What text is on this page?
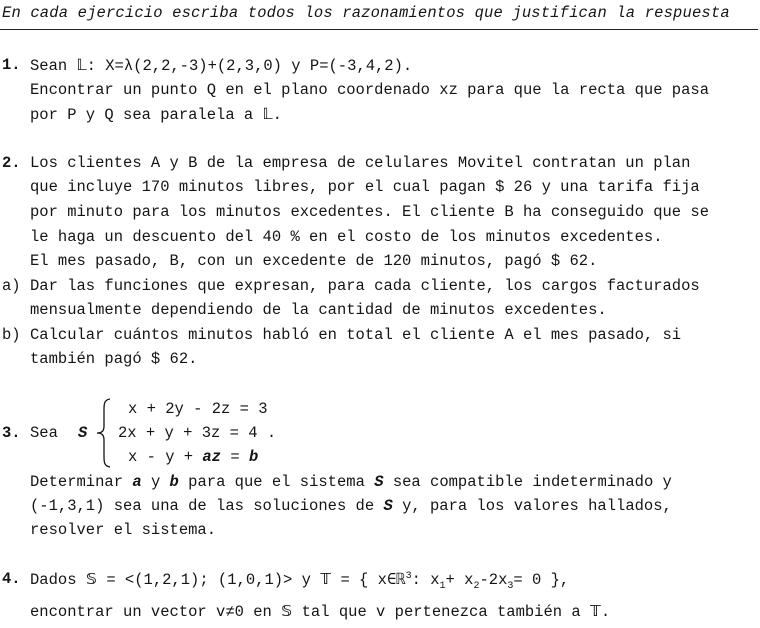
En cada ejercicio escriba todos los razonamientos que justifican la respuesta
1. Sean 𝕃: X=λ(2,2,-3)+(2,3,0) y P=(-3,4,2).
Encontrar un punto Q en el plano coordenado xz para que la recta que pasa
por P y Q sea paralela a 𝕃.
2. Los clientes A y B de la empresa de celulares Movitel contratan un plan
que incluye 170 minutos libres, por el cual pagan $ 26 y una tarifa fija
por minuto para los minutos excedentes. El cliente B ha conseguido que se
le haga un descuento del 40 % en el costo de los minutos excedentes.
El mes pasado, B, con un excedente de 120 minutos, pagó $ 62.
a) Dar las funciones que expresan, para cada cliente, los cargos facturados
mensualmente dependiendo de la cantidad de minutos excedentes.
b) Calcular cuántos minutos habló en total el cliente A el mes pasado, si
también pagó $ 62.
3. Sea S
x + 2y - 2z = 3
2x + y + 3z = 4 .
x - y + az = b
Determinar a y b para que el sistema S sea compatible indeterminado y
(-1,3,1) sea una de las soluciones de S y, para los valores hallados,
resolver el sistema.
4. Dados 𝕊 = <(1,2,1); (1,0,1)> y 𝕋 = { x∈ℝ$^3$: $x_1+ x_2-2x_3= 0$ },
encontrar un vector v≠0 en 𝕊 tal que v pertenezca también a 𝕋.
